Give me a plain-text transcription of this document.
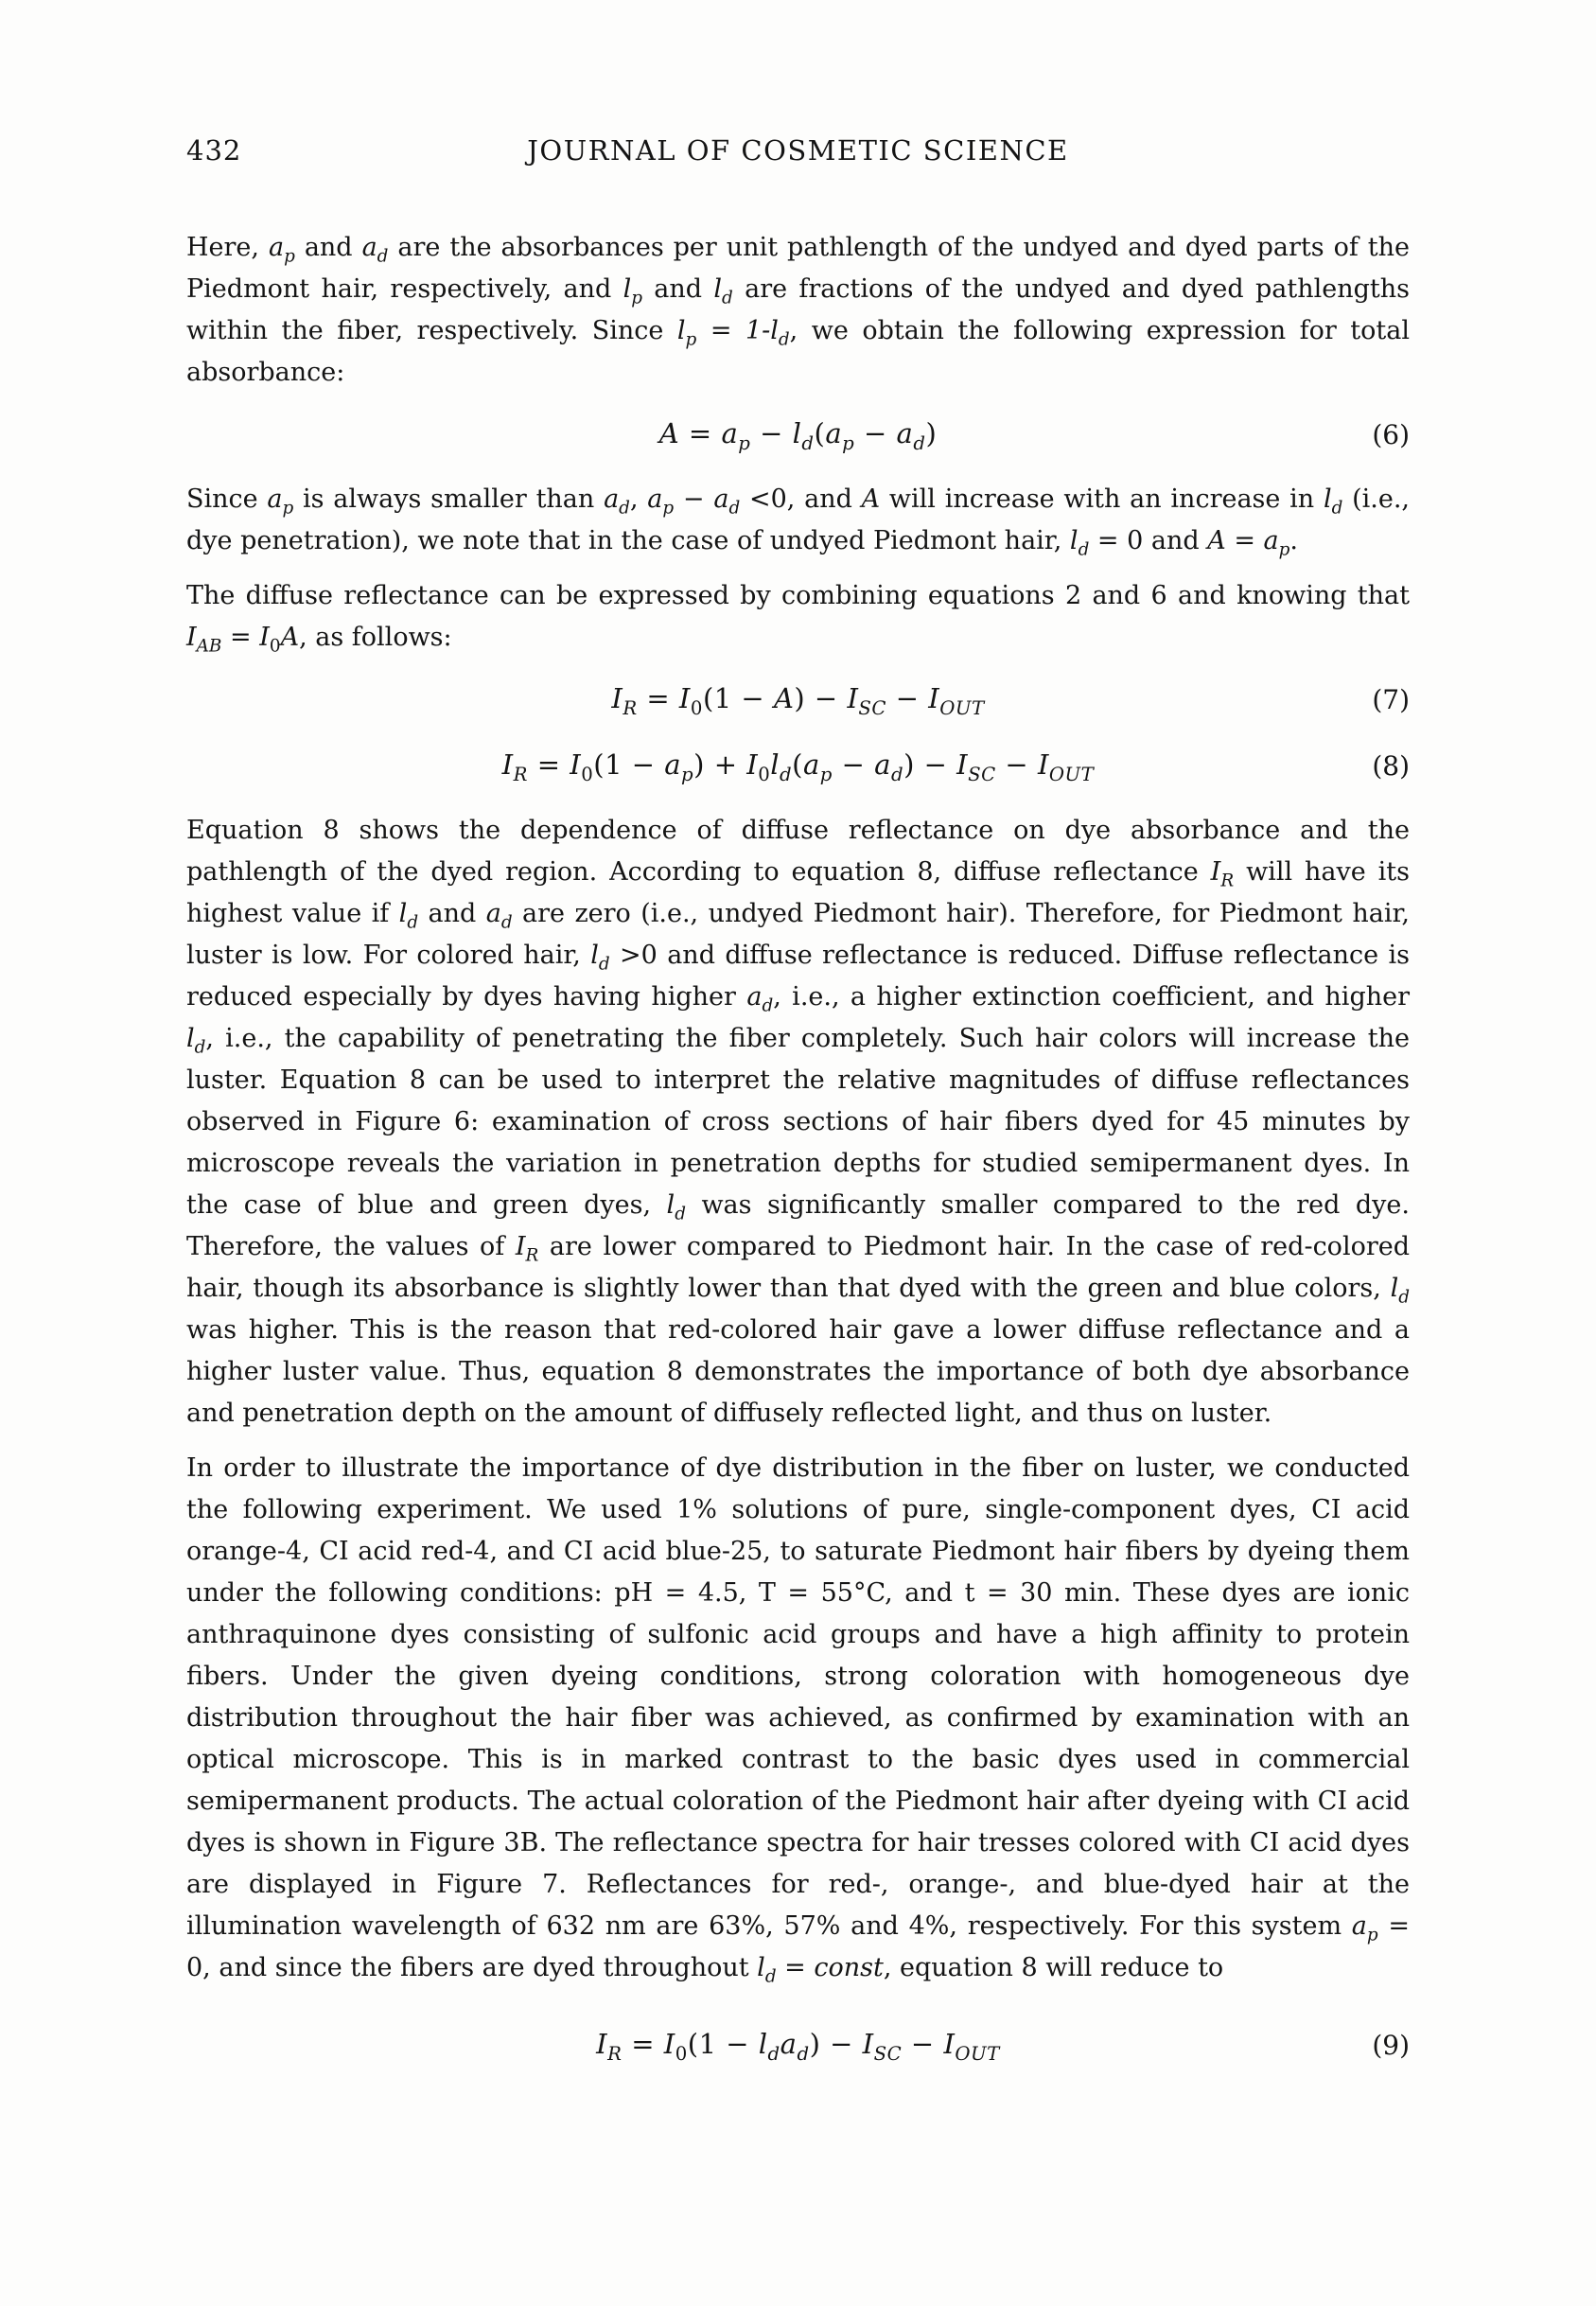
432	JOURNAL OF COSMETIC SCIENCE

Here, $a_p$ and $a_d$ are the absorbances per unit pathlength of the undyed and dyed parts of the Piedmont hair, respectively, and $l_p$ and $l_d$ are fractions of the undyed and dyed pathlengths within the fiber, respectively. Since $l_p = 1-l_d$, we obtain the following expression for total absorbance:

$A = a_p - l_d(a_p - a_d)$	(6)

Since $a_p$ is always smaller than $a_d$, $a_p - a_d <0$, and A will increase with an increase in $l_d$ (i.e., dye penetration), we note that in the case of undyed Piedmont hair, $l_d = 0$ and $A = a_p$.

The diffuse reflectance can be expressed by combining equations 2 and 6 and knowing that $I_{AB} = I_0A$, as follows:

$I_R = I_0(1 - A) - I_{SC} - I_{OUT}$	(7)
$I_R = I_0(1 - a_p) + I_0l_d(a_p - a_d) - I_{SC} - I_{OUT}$	(8)

Equation 8 shows the dependence of diffuse reflectance on dye absorbance and the pathlength of the dyed region. According to equation 8, diffuse reflectance $I_R$ will have its highest value if $l_d$ and $a_d$ are zero (i.e., undyed Piedmont hair). Therefore, for Piedmont hair, luster is low. For colored hair, $l_d >0$ and diffuse reflectance is reduced. Diffuse reflectance is reduced especially by dyes having higher $a_d$, i.e., a higher extinction coefficient, and higher $l_d$, i.e., the capability of penetrating the fiber completely. Such hair colors will increase the luster. Equation 8 can be used to interpret the relative magnitudes of diffuse reflectances observed in Figure 6: examination of cross sections of hair fibers dyed for 45 minutes by microscope reveals the variation in penetration depths for studied semipermanent dyes. In the case of blue and green dyes, $l_d$ was significantly smaller compared to the red dye. Therefore, the values of $I_R$ are lower compared to Piedmont hair. In the case of red-colored hair, though its absorbance is slightly lower than that dyed with the green and blue colors, $l_d$ was higher. This is the reason that red-colored hair gave a lower diffuse reflectance and a higher luster value. Thus, equation 8 demonstrates the importance of both dye absorbance and penetration depth on the amount of diffusely reflected light, and thus on luster.

In order to illustrate the importance of dye distribution in the fiber on luster, we conducted the following experiment. We used 1% solutions of pure, single-component dyes, CI acid orange-4, CI acid red-4, and CI acid blue-25, to saturate Piedmont hair fibers by dyeing them under the following conditions: pH = 4.5, T = 55°C, and t = 30 min. These dyes are ionic anthraquinone dyes consisting of sulfonic acid groups and have a high affinity to protein fibers. Under the given dyeing conditions, strong coloration with homogeneous dye distribution throughout the hair fiber was achieved, as confirmed by examination with an optical microscope. This is in marked contrast to the basic dyes used in commercial semipermanent products. The actual coloration of the Piedmont hair after dyeing with CI acid dyes is shown in Figure 3B. The reflectance spectra for hair tresses colored with CI acid dyes are displayed in Figure 7. Reflectances for red-, orange-, and blue-dyed hair at the illumination wavelength of 632 nm are 63%, 57% and 4%, respectively. For this system $a_p = 0$, and since the fibers are dyed throughout $l_d$ = const, equation 8 will reduce to

$I_R = I_0(1 - l_da_d) - I_{SC} - I_{OUT}$	(9)
